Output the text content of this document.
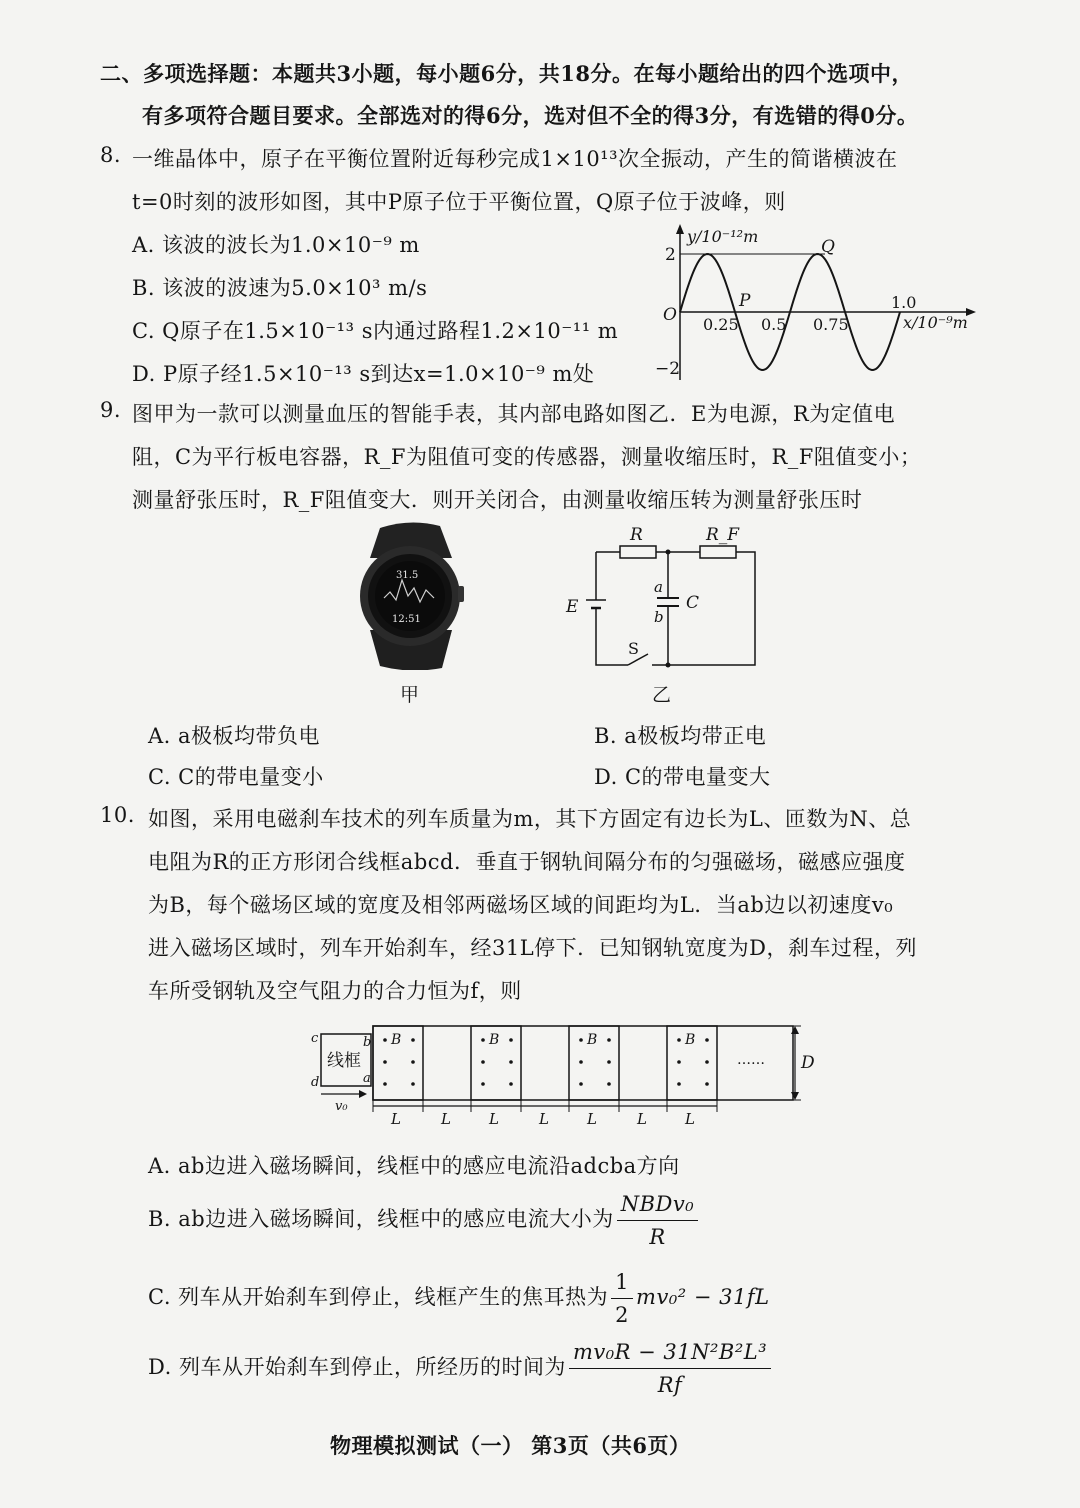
二、多项选择题：本题共3小题，每小题6分，共18分。在每小题给出的四个选项中，
有多项符合题目要求。全部选对的得6分，选对但不全的得3分，有选错的得0分。
8. 一维晶体中，原子在平衡位置附近每秒完成1×10¹³次全振动，产生的简谐横波在
t=0时刻的波形如图，其中P原子位于平衡位置，Q原子位于波峰，则
A. 该波的波长为1.0×10⁻⁹ m
B. 该波的波速为5.0×10³ m/s
C. Q原子在1.5×10⁻¹³ s内通过路程1.2×10⁻¹¹ m
D. P原子经1.5×10⁻¹³ s到达x=1.0×10⁻⁹ m处
y/10⁻¹²m
x/10⁻⁹m
O
2
−2
0.25 0.5 0.75
1.0
P
Q
9. 图甲为一款可以测量血压的智能手表，其内部电路如图乙．E为电源，R为定值电
阻，C为平行板电容器，R_F为阻值可变的传感器，测量收缩压时，R_F阻值变小；
测量舒张压时，R_F阻值变大．则开关闭合，由测量收缩压转为测量舒张压时
31.5
12:51
甲
R	R_F
E	C
a
b
S
乙
A. a极板均带负电	B. a极板均带正电
C. C的带电量变小	D. C的带电量变大
10. 如图，采用电磁刹车技术的列车质量为m，其下方固定有边长为L、匝数为N、总
电阻为R的正方形闭合线框abcd．垂直于钢轨间隔分布的匀强磁场，磁感应强度
为B，每个磁场区域的宽度及相邻两磁场区域的间距均为L．当ab边以初速度v₀
进入磁场区域时，列车开始刹车，经31L停下．已知钢轨宽度为D，刹车过程，列
车所受钢轨及空气阻力的合力恒为f，则
线框
c	b
d	a
v₀
B	B	B	B
…… D
L	L	L	L	L	L	L
A. ab边进入磁场瞬间，线框中的感应电流沿adcba方向
B. ab边进入磁场瞬间，线框中的感应电流大小为 $\frac{\text{NBDv₀}}{R}$
C. 列车从开始刹车到停止，线框产生的焦耳热为 $\frac{1}{2} mv_0^2 - 31fL$
D. 列车从开始刹车到停止，所经历的时间为 $\frac{\text{mv₀R − 31N²B²L³}}{Rf}$
物理模拟测试（一） 第3页（共6页）
